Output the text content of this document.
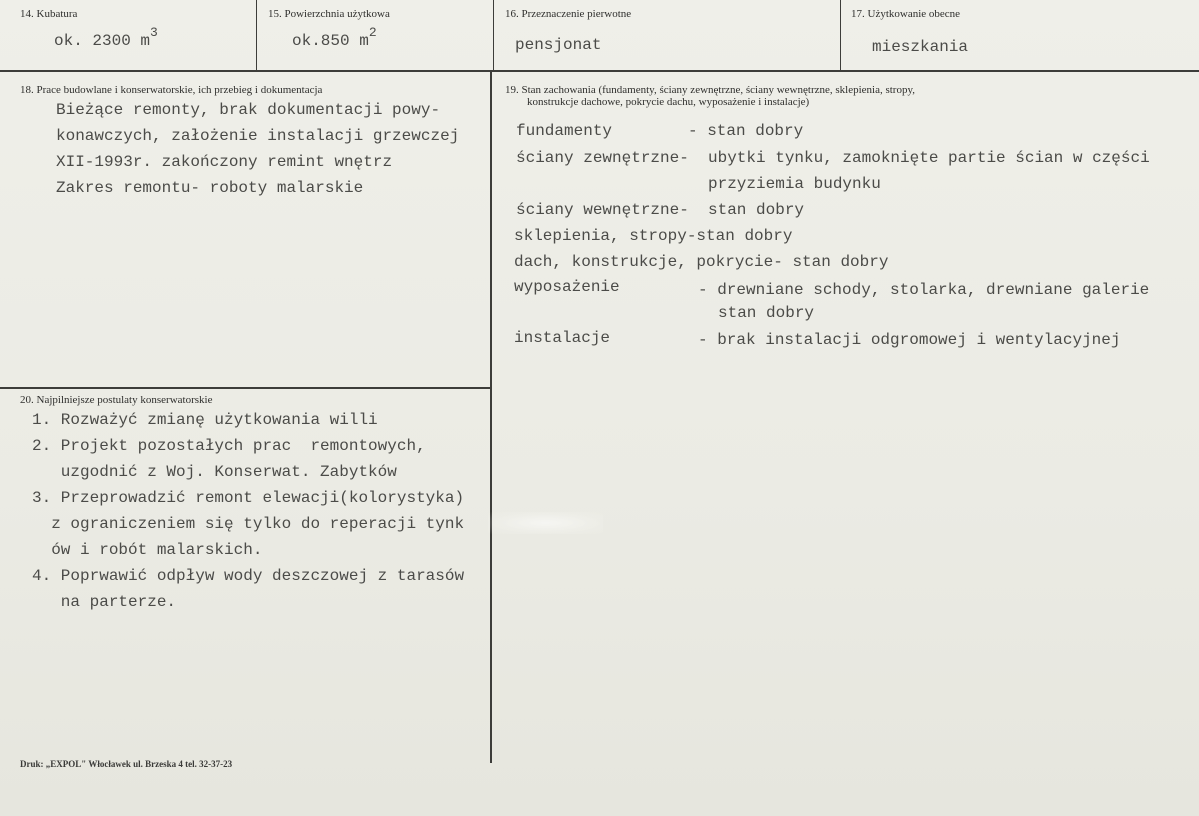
14. Kubatura
ok. 2300 $m^3$
15. Powierzchnia użytkowa
ok.850 $m^2$
16. Przeznaczenie pierwotne
pensjonat
17. Użytkowanie obecne
mieszkania
18. Prace budowlane i konserwatorskie, ich przebieg i dokumentacja
Bieżące remonty, brak dokumentacji powy-
konawczych, założenie instalacji grzewczej
XII-1993r. zakończony remint wnętrz
Zakres remontu- roboty malarskie
19. Stan zachowania (fundamenty, ściany zewnętrzne, ściany wewnętrzne, sklepienia, stropy,
konstrukcje dachowe, pokrycie dachu, wyposażenie i instalacje)
fundamenty	- stan dobry
ściany zewnętrzne- ubytki tynku, zamoknięte partie ścian w części
przyziemia budynku
ściany wewnętrzne- stan dobry
sklepienia, stropy-stan dobry
dach, konstrukcje, pokrycie- stan dobry
wyposażenie	- drewniane schody, stolarka, drewniane galerie
stan dobry
instalacje	- brak instalacji odgromowej i wentylacyjnej
20. Najpilniejsze postulaty konserwatorskie
1. Rozważyć zmianę użytkowania willi
2. Projekt pozostałych prac  remontowych,
uzgodnić z Woj. Konserwat. Zabytków
3. Przeprowadzić remont elewacji(kolorystyka)
z ograniczeniem się tylko do reperacji tynk
ów i robót malarskich.
4. Poprwawić odpływ wody deszczowej z tarasów
na parterze.
Druk: „EXPOL" Włocławek ul. Brzeska 4 tel. 32-37-23
